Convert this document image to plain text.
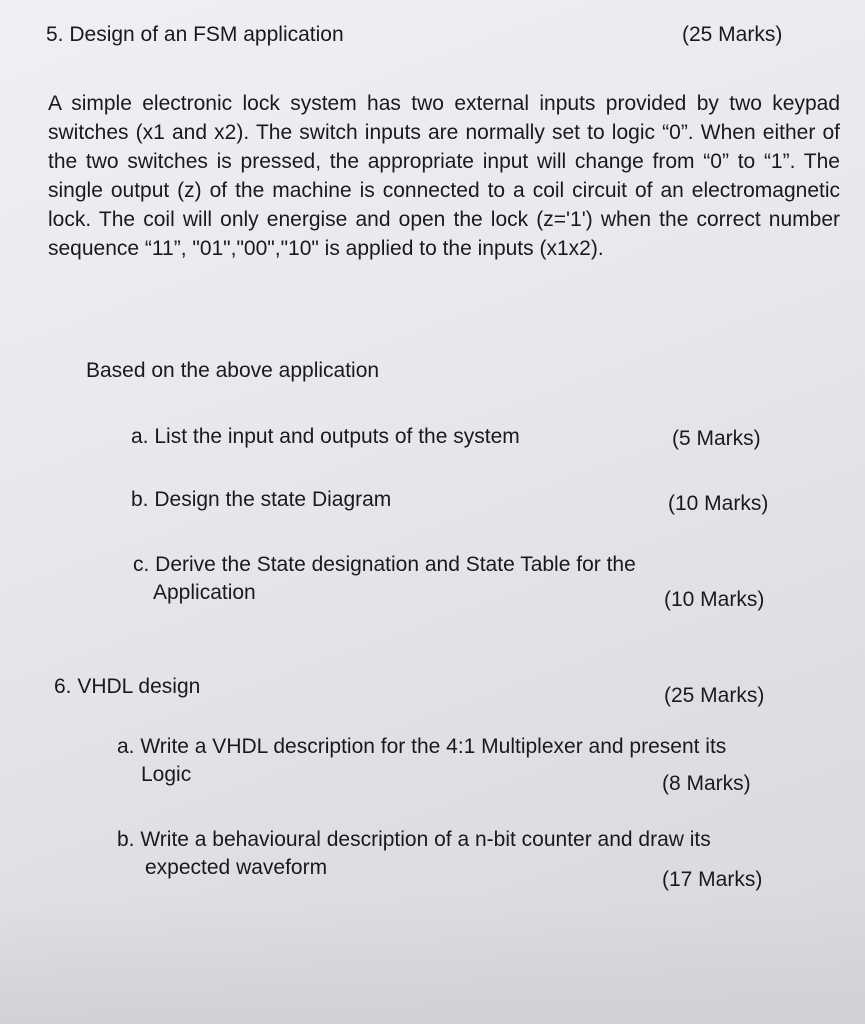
5. Design of an FSM application	(25 Marks)
A simple electronic lock system has two external inputs provided by two keypad switches (x1 and x2). The switch inputs are normally set to logic “0”. When either of the two switches is pressed, the appropriate input will change from “0” to “1”. The single output (z) of the machine is connected to a coil circuit of an electromagnetic lock. The coil will only energise and open the lock (z='1') when the correct number sequence “11”, "01","00","10" is applied to the inputs (x1x2).
Based on the above application
a. List the input and outputs of the system	(5 Marks)
b. Design the state Diagram	(10 Marks)
c. Derive the State designation and State Table for the
Application	(10 Marks)
6. VHDL design	(25 Marks)
a. Write a VHDL description for the 4:1 Multiplexer and present its
Logic	(8 Marks)
b. Write a behavioural description of a n-bit counter and draw its
expected waveform
(17 Marks)
